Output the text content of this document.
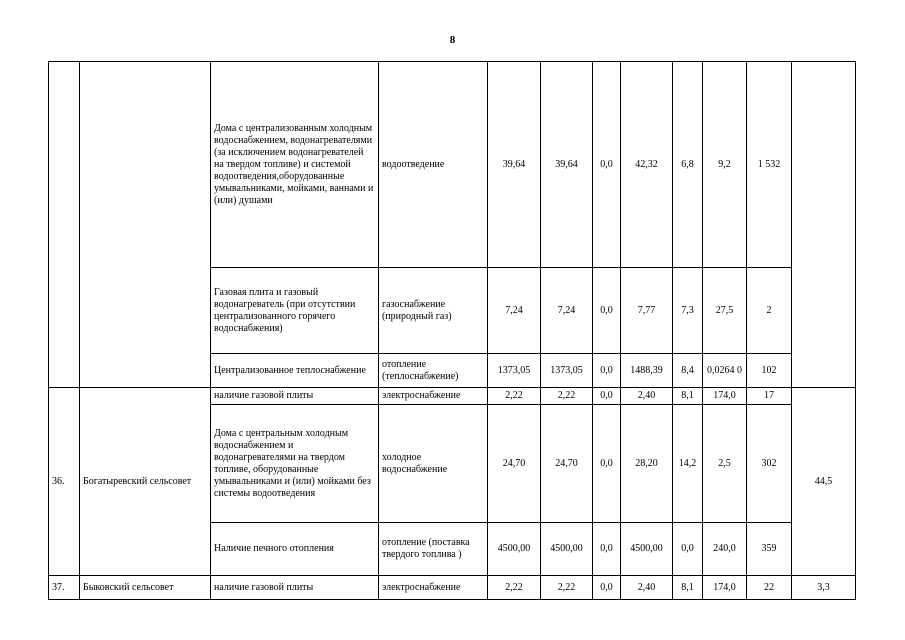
8
		Дома с централизованным холодным водоснабжением, водонагревателями (за исключением водонагревателей на твердом топливе) и системой водоотведения,оборудованные умывальниками, мойками, ваннами и (или) душами	водоотведение	39,64	39,64	0,0	42,32	6,8	9,2	1 532	
		Газовая плита и газовый водонагреватель (при отсутствии централизованного горячего водоснабжения)	газоснабжение (природный газ)	7,24	7,24	0,0	7,77	7,3	27,5	2	
		Централизованное теплоснабжение	отопление (теплоснабжение)	1373,05	1373,05	0,0	1488,39	8,4	0,0264 0	102	
36.	Богатыревский сельсовет	наличие газовой плиты	электроснабжение	2,22	2,22	0,0	2,40	8,1	174,0	17	44,5
		Дома с центральным холодным водоснабжением и водонагревателями на твердом топливе, оборудованные умывальниками и (или) мойками без системы водоотведения	холодное водоснабжение	24,70	24,70	0,0	28,20	14,2	2,5	302	
		Наличие печного отопления	отопление (поставка твердого топлива )	4500,00	4500,00	0,0	4500,00	0,0	240,0	359	
37.	Быковский сельсовет	наличие газовой плиты	электроснабжение	2,22	2,22	0,0	2,40	8,1	174,0	22	3,3
